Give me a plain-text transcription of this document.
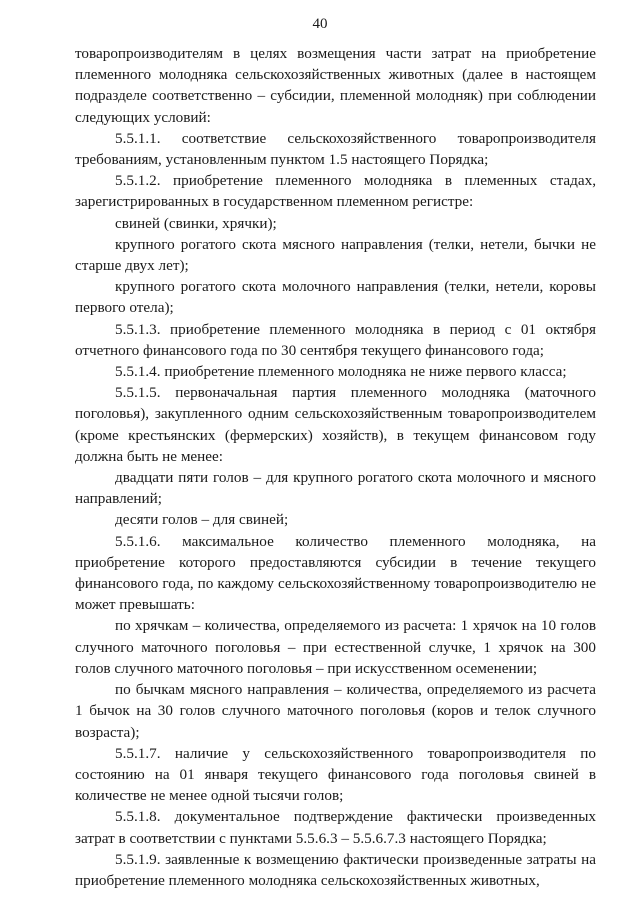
40

товаропроизводителям в целях возмещения части затрат на приобретение племенного молодняка сельскохозяйственных животных (далее в настоящем подразделе соответственно – субсидии, племенной молодняк) при соблюдении следующих условий:

5.5.1.1. соответствие сельскохозяйственного товаропроизводителя требованиям, установленным пунктом 1.5 настоящего Порядка;

5.5.1.2. приобретение племенного молодняка в племенных стадах, зарегистрированных в государственном племенном регистре:

свиней (свинки, хрячки);

крупного рогатого скота мясного направления (телки, нетели, бычки не старше двух лет);

крупного рогатого скота молочного направления (телки, нетели, коровы первого отела);

5.5.1.3. приобретение племенного молодняка в период с 01 октября отчетного финансового года по 30 сентября текущего финансового года;

5.5.1.4. приобретение племенного молодняка не ниже первого класса;

5.5.1.5. первоначальная партия племенного молодняка (маточного поголовья), закупленного одним сельскохозяйственным товаропроизводителем (кроме крестьянских (фермерских) хозяйств), в текущем финансовом году должна быть не менее:

двадцати пяти голов – для крупного рогатого скота молочного и мясного направлений;

десяти голов – для свиней;

5.5.1.6. максимальное количество племенного молодняка, на приобретение которого предоставляются субсидии в течение текущего финансового года, по каждому сельскохозяйственному товаропроизводителю не может превышать:

по хрячкам – количества, определяемого из расчета: 1 хрячок на 10 голов случного маточного поголовья – при естественной случке, 1 хрячок на 300 голов случного маточного поголовья – при искусственном осеменении;

по бычкам мясного направления – количества, определяемого из расчета 1 бычок на 30 голов случного маточного поголовья (коров и телок случного возраста);

5.5.1.7. наличие у сельскохозяйственного товаропроизводителя по состоянию на 01 января текущего финансового года поголовья свиней в количестве не менее одной тысячи голов;

5.5.1.8. документальное подтверждение фактически произведенных затрат в соответствии с пунктами 5.5.6.3 – 5.5.6.7.3 настоящего Порядка;

5.5.1.9. заявленные к возмещению фактически произведенные затраты на приобретение племенного молодняка сельскохозяйственных животных,
